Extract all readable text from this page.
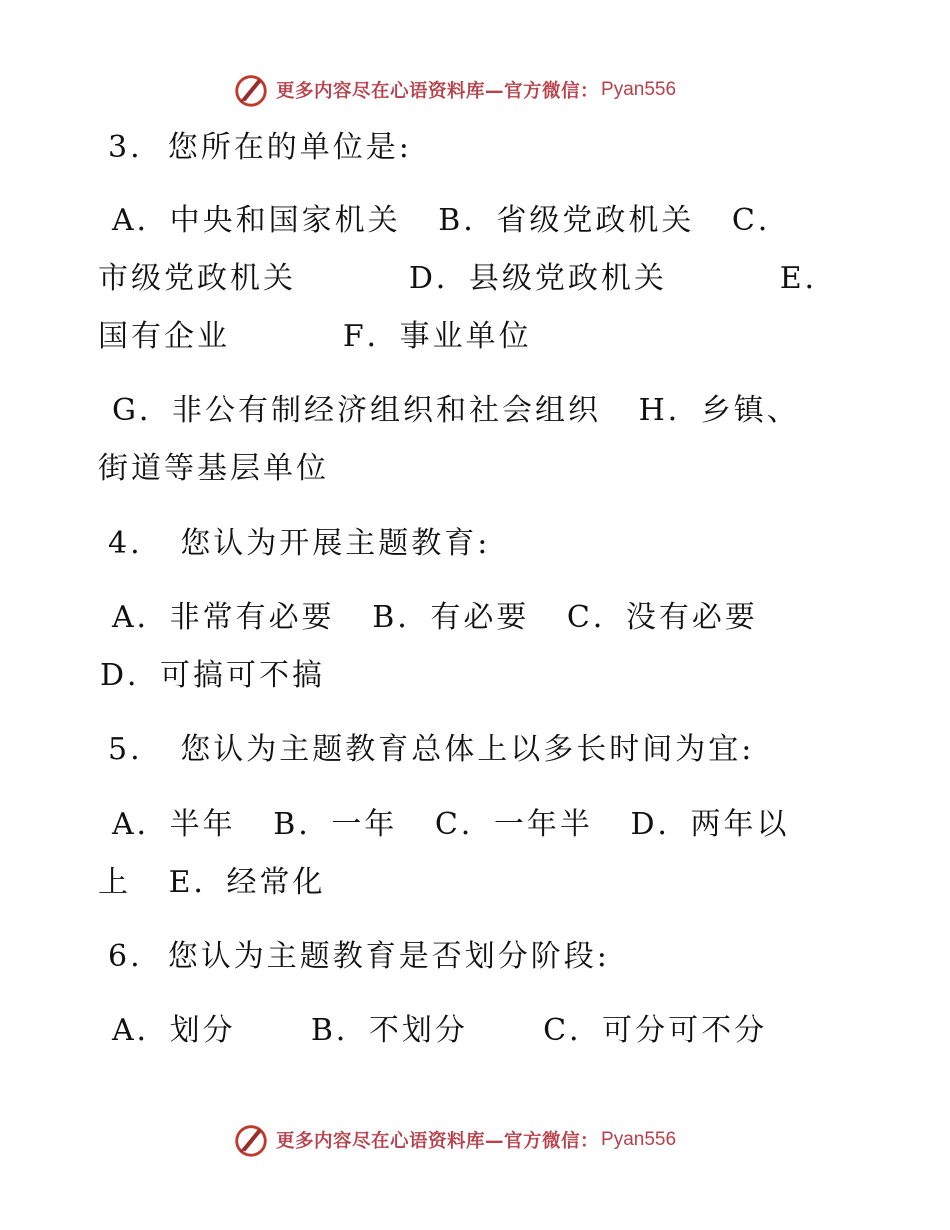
更多内容尽在心语资料库—官方微信： Pyan556
3.  您所在的单位是:
A．中央和国家机关   B．省级党政机关   C．
市级党政机关         D．县级党政机关         E．
国有企业         F．事业单位
G．非公有制经济组织和社会组织   H．乡镇、
街道等基层单位
4.   您认为开展主题教育:
A．非常有必要   B．有必要   C．没有必要
D．可搞可不搞
5.   您认为主题教育总体上以多长时间为宜:
A．半年   B．一年   C．一年半   D．两年以
上   E．经常化
6.  您认为主题教育是否划分阶段:
A．划分      B．不划分      C．可分可不分
更多内容尽在心语资料库—官方微信： Pyan556
